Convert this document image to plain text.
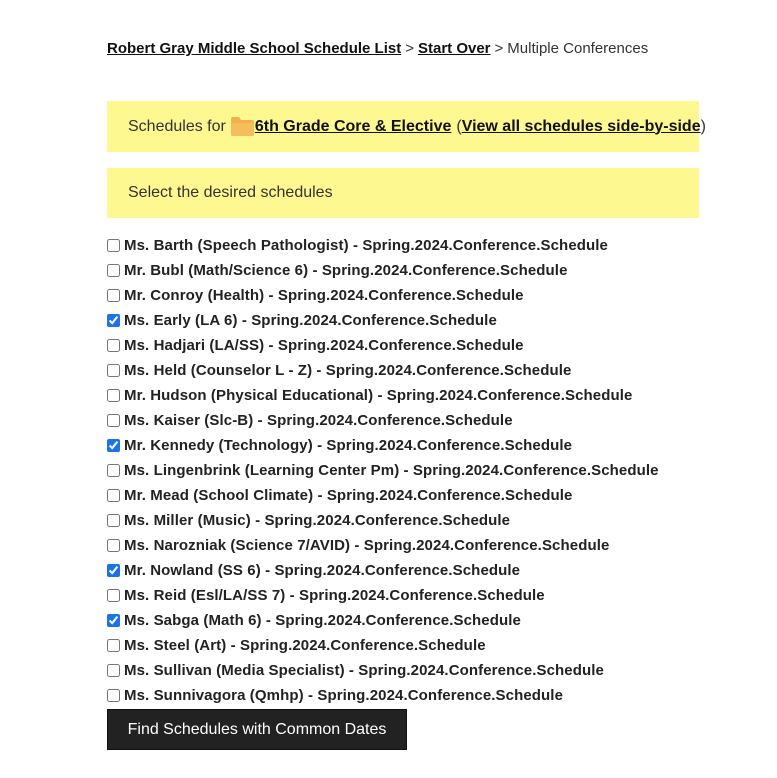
Robert Gray Middle School Schedule List > Start Over > Multiple Conferences
Schedules for 6th Grade Core & Elective ( View all schedules side-by-side )
Select the desired schedules
Ms. Barth (Speech Pathologist) - Spring.2024.Conference.Schedule
Mr. Bubl (Math/Science 6) - Spring.2024.Conference.Schedule
Mr. Conroy (Health) - Spring.2024.Conference.Schedule
Ms. Early (LA 6) - Spring.2024.Conference.Schedule
Ms. Hadjari (LA/SS) - Spring.2024.Conference.Schedule
Ms. Held (Counselor L - Z) - Spring.2024.Conference.Schedule
Mr. Hudson (Physical Educational) - Spring.2024.Conference.Schedule
Ms. Kaiser (Slc-B) - Spring.2024.Conference.Schedule
Mr. Kennedy (Technology) - Spring.2024.Conference.Schedule
Ms. Lingenbrink (Learning Center Pm) - Spring.2024.Conference.Schedule
Mr. Mead (School Climate) - Spring.2024.Conference.Schedule
Ms. Miller (Music) - Spring.2024.Conference.Schedule
Ms. Narozniak (Science 7/AVID) - Spring.2024.Conference.Schedule
Mr. Nowland (SS 6) - Spring.2024.Conference.Schedule
Ms. Reid (Esl/LA/SS 7) - Spring.2024.Conference.Schedule
Ms. Sabga (Math 6) - Spring.2024.Conference.Schedule
Ms. Steel (Art) - Spring.2024.Conference.Schedule
Ms. Sullivan (Media Specialist) - Spring.2024.Conference.Schedule
Ms. Sunnivagora (Qmhp) - Spring.2024.Conference.Schedule
Find Schedules with Common Dates
